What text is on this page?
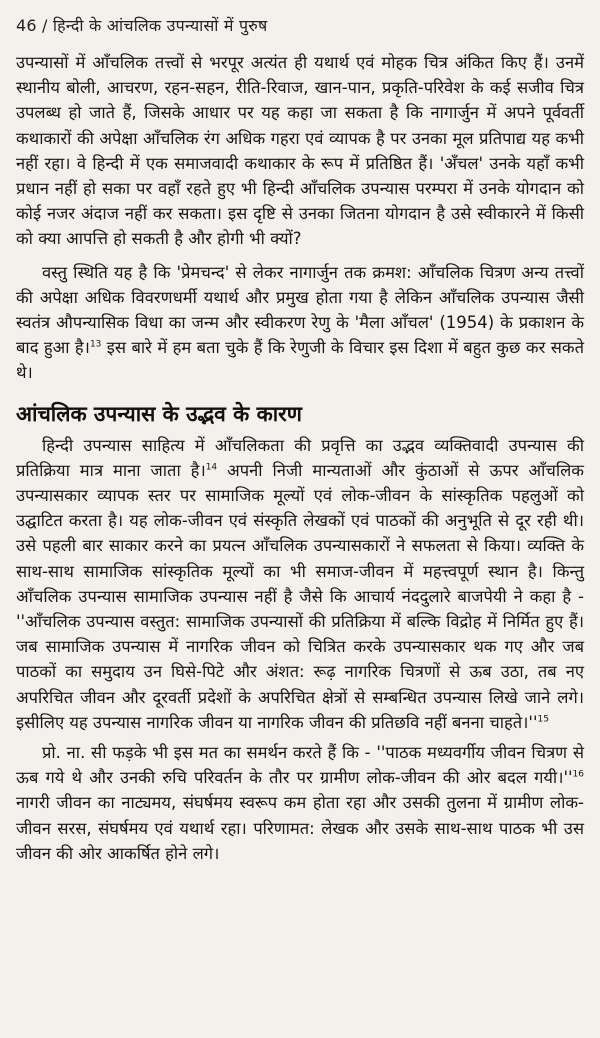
46 / हिन्दी के आंचलिक उपन्यासों में पुरुष

उपन्यासों में आँचलिक तत्त्वों से भरपूर अत्यंत ही यथार्थ एवं मोहक चित्र अंकित किए हैं। उनमें स्थानीय बोली, आचरण, रहन-सहन, रीति-रिवाज, खान-पान, प्रकृति-परिवेश के कई सजीव चित्र उपलब्ध हो जाते हैं, जिसके आधार पर यह कहा जा सकता है कि नागार्जुन में अपने पूर्ववर्ती कथाकारों की अपेक्षा आँचलिक रंग अधिक गहरा एवं व्यापक है पर उनका मूल प्रतिपाद्य यह कभी नहीं रहा। वे हिन्दी में एक समाजवादी कथाकार के रूप में प्रतिष्ठित हैं। 'अँचल' उनके यहाँ कभी प्रधान नहीं हो सका पर वहाँ रहते हुए भी हिन्दी आँचलिक उपन्यास परम्परा में उनके योगदान को कोई नजर अंदाज नहीं कर सकता। इस दृष्टि से उनका जितना योगदान है उसे स्वीकारने में किसी को क्या आपत्ति हो सकती है और होगी भी क्यों?

वस्तु स्थिति यह है कि 'प्रेमचन्द' से लेकर नागार्जुन तक क्रमश: आँचलिक चित्रण अन्य तत्त्वों की अपेक्षा अधिक विवरणधर्मी यथार्थ और प्रमुख होता गया है लेकिन आँचलिक उपन्यास जैसी स्वतंत्र औपन्यासिक विधा का जन्म और स्वीकरण रेणु के 'मैला आँचल' (1954) के प्रकाशन के बाद हुआ है।$^{13}$ इस बारे में हम बता चुके हैं कि रेणुजी के विचार इस दिशा में बहुत कुछ कर सकते थे।

आंचलिक उपन्यास के उद्भव के कारण

हिन्दी उपन्यास साहित्य में आँचलिकता की प्रवृत्ति का उद्भव व्यक्तिवादी उपन्यास की प्रतिक्रिया मात्र माना जाता है।$^{14}$ अपनी निजी मान्यताओं और कुंठाओं से ऊपर आँचलिक उपन्यासकार व्यापक स्तर पर सामाजिक मूल्यों एवं लोक-जीवन के सांस्कृतिक पहलुओं को उद्घाटित करता है। यह लोक-जीवन एवं संस्कृति लेखकों एवं पाठकों की अनुभूति से दूर रही थी। उसे पहली बार साकार करने का प्रयत्न आँचलिक उपन्यासकारों ने सफलता से किया। व्यक्ति के साथ-साथ सामाजिक सांस्कृतिक मूल्यों का भी समाज-जीवन में महत्त्वपूर्ण स्थान है। किन्तु आँचलिक उपन्यास सामाजिक उपन्यास नहीं है जैसे कि आचार्य नंददुलारे बाजपेयी ने कहा है - ''आँचलिक उपन्यास वस्तुत: सामाजिक उपन्यासों की प्रतिक्रिया में बल्कि विद्रोह में निर्मित हुए हैं। जब सामाजिक उपन्यास में नागरिक जीवन को चित्रित करके उपन्यासकार थक गए और जब पाठकों का समुदाय उन घिसे-पिटे और अंशत: रूढ़ नागरिक चित्रणों से ऊब उठा, तब नए अपरिचित जीवन और दूरवर्ती प्रदेशों के अपरिचित क्षेत्रों से सम्बन्धित उपन्यास लिखे जाने लगे। इसीलिए यह उपन्यास नागरिक जीवन या नागरिक जीवन की प्रतिछवि नहीं बनना $चाहते।''^{15}$

प्रो. ना. सी फड़के भी इस मत का समर्थन करते हैं कि - ''पाठक मध्यवर्गीय जीवन चित्रण से ऊब गये थे और उनकी रुचि परिवर्तन के तौर पर ग्रामीण लोक-जीवन की ओर बदल $गयी।''^{16}$ नागरी जीवन का नाट्यमय, संघर्षमय स्वरूप कम होता रहा और उसकी तुलना में ग्रामीण लोक-जीवन सरस, संघर्षमय एवं यथार्थ रहा। परिणामत: लेखक और उसके साथ-साथ पाठक भी उस जीवन की ओर आकर्षित होने लगे।
